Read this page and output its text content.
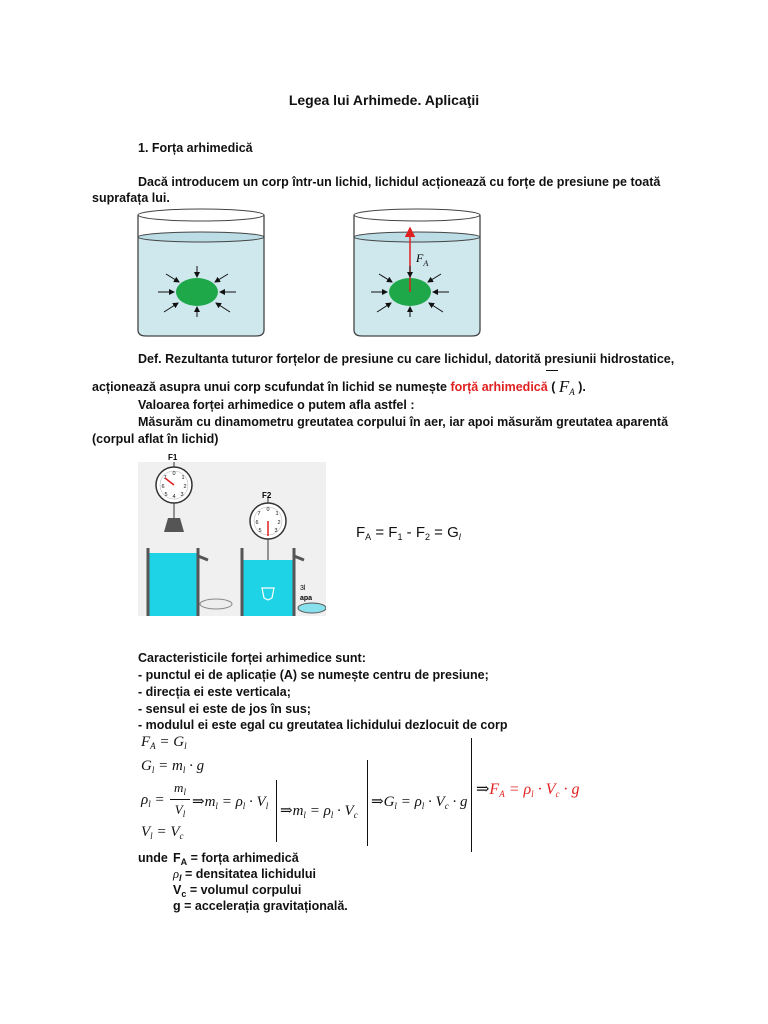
Legea lui Arhimede. Aplicaţii
1. Forța arhimedică
Dacă introducem un corp într-un lichid, lichidul acționează cu forțe de presiune pe toată
suprafața lui.
$F_A$
Def. Rezultanta tuturor forțelor de presiune cu care lichidul, datorită presiunii hidrostatice,
acționează asupra unui corp scufundat în lichid se numește forță arhimedică ( $F_A$ ).
Valoarea forței arhimedice o putem afla astfel :
Măsurăm cu dinamometru greutatea corpului în aer, iar apoi măsurăm greutatea aparentă
(corpul aflat în lichid)
F1
F2
3l
apa
0
1
2
3
4
5
6
7
0
1
2
3
5
6
7
$F_A = F_1 - F_2 = G_l$
Caracteristicile forței arhimedice sunt:
- punctul ei de aplicație (A) se numește centru de presiune;
- direcția ei este verticala;
- sensul ei este de jos în sus;
- modulul ei este egal cu greutatea lichidului dezlocuit de corp
$F_A = G_l$
$G_l = m_l \cdot g$
$\rho_l$ =
$m_l$
$V_l$
$\Rightarrow m_l = \rho_l \cdot V_l$
$V_l = V_c$
$\Rightarrow m_l = \rho_l \cdot V_c$
$\Rightarrow G_l = \rho_l \cdot V_c \cdot g$
$\Rightarrow F_A = \rho_l \cdot V_c \cdot g$
unde $F_A$ = forța arhimedică
$\rho_l$ = densitatea lichidului
$V_c$ = volumul corpului
g = accelerația gravitațională.
